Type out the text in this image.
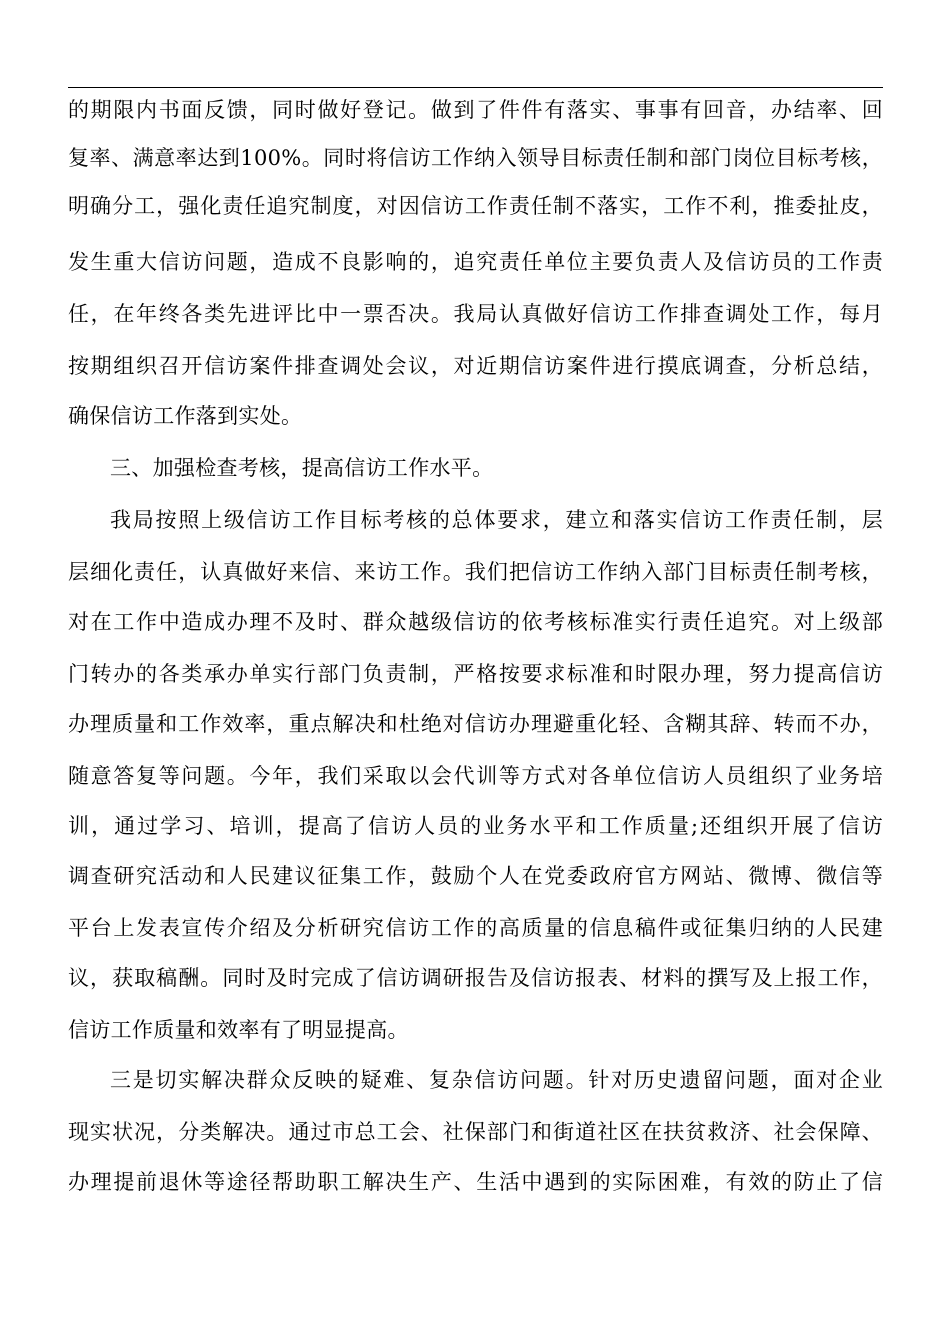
的期限内书面反馈，同时做好登记。做到了件件有落实、事事有回音，办结率、回
复率、满意率达到100%。同时将信访工作纳入领导目标责任制和部门岗位目标考核，
明确分工，强化责任追究制度，对因信访工作责任制不落实，工作不利，推委扯皮，
发生重大信访问题，造成不良影响的，追究责任单位主要负责人及信访员的工作责
任，在年终各类先进评比中一票否决。我局认真做好信访工作排查调处工作，每月
按期组织召开信访案件排查调处会议，对近期信访案件进行摸底调查，分析总结，
确保信访工作落到实处。
三、加强检查考核，提高信访工作水平。
我局按照上级信访工作目标考核的总体要求，建立和落实信访工作责任制，层
层细化责任，认真做好来信、来访工作。我们把信访工作纳入部门目标责任制考核，
对在工作中造成办理不及时、群众越级信访的依考核标准实行责任追究。对上级部
门转办的各类承办单实行部门负责制，严格按要求标准和时限办理，努力提高信访
办理质量和工作效率，重点解决和杜绝对信访办理避重化轻、含糊其辞、转而不办，
随意答复等问题。今年，我们采取以会代训等方式对各单位信访人员组织了业务培
训，通过学习、培训，提高了信访人员的业务水平和工作质量;还组织开展了信访
调查研究活动和人民建议征集工作，鼓励个人在党委政府官方网站、微博、微信等
平台上发表宣传介绍及分析研究信访工作的高质量的信息稿件或征集归纳的人民建
议，获取稿酬。同时及时完成了信访调研报告及信访报表、材料的撰写及上报工作，
信访工作质量和效率有了明显提高。
三是切实解决群众反映的疑难、复杂信访问题。针对历史遗留问题，面对企业
现实状况，分类解决。通过市总工会、社保部门和街道社区在扶贫救济、社会保障、
办理提前退休等途径帮助职工解决生产、生活中遇到的实际困难，有效的防止了信
